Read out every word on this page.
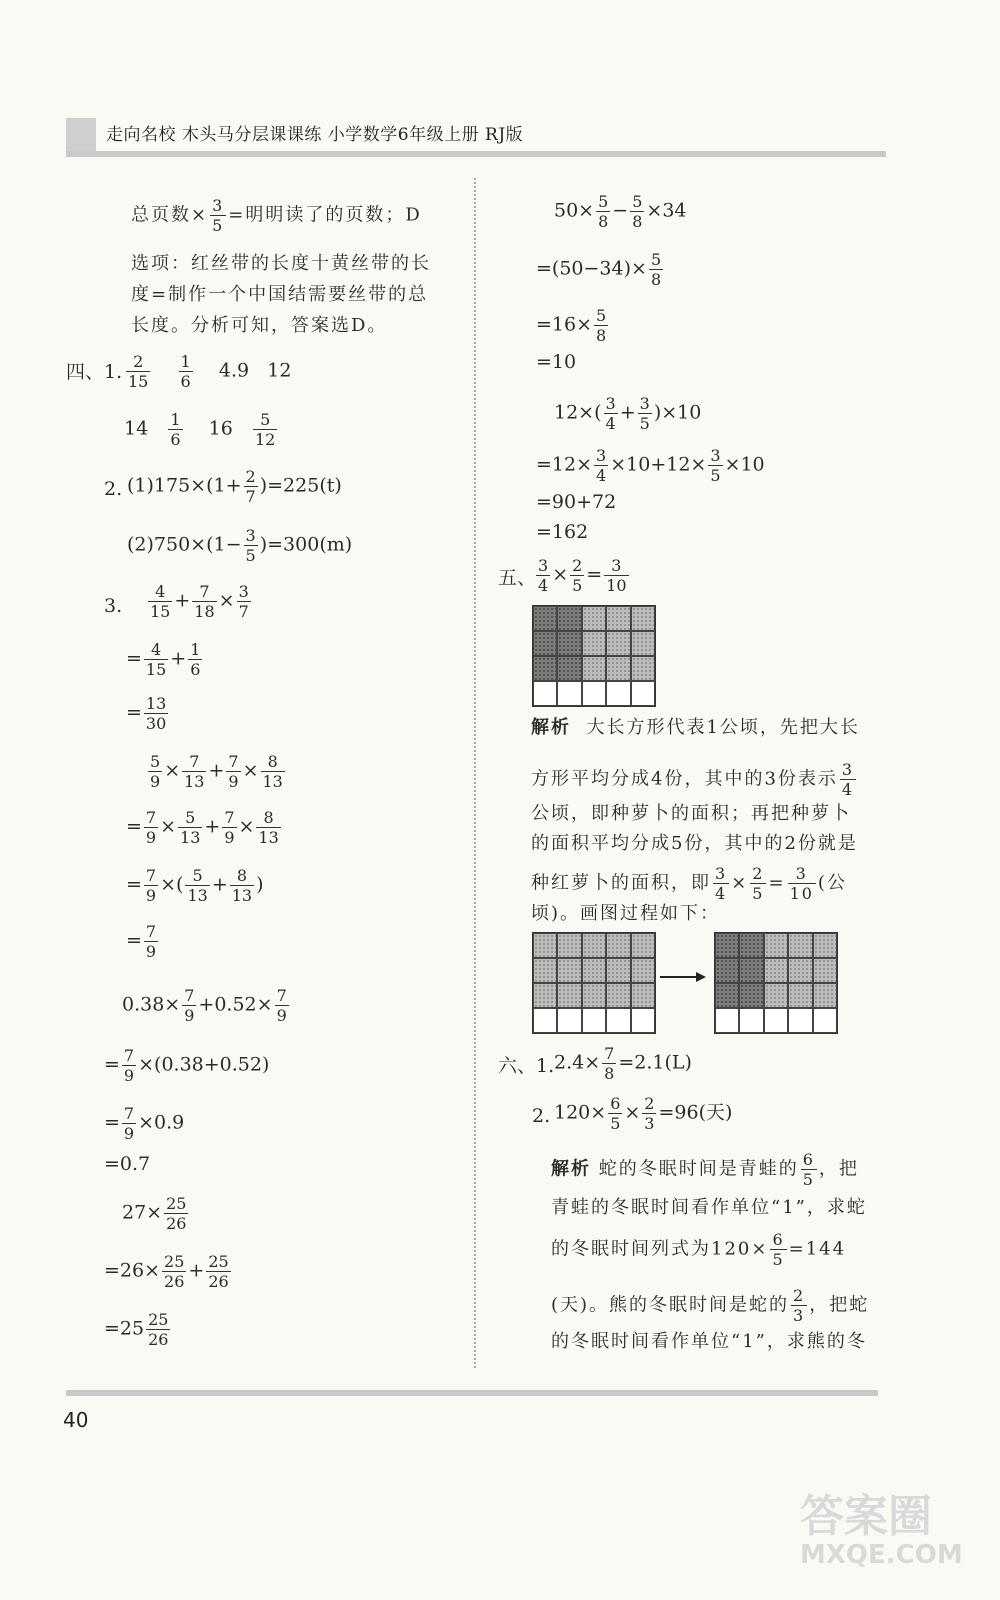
走向名校 木头马分层课课练 小学数学6年级上册 RJ版
总页数× $\frac{3}{5}$ =明明读了的页数；D
选项：红丝带的长度十黄丝带的长
度=制作一个中国结需要丝带的总
长度。分析可知，答案选D。
四、1. $\frac{2}{15}$
$\frac{1}{6} 4.9$ 12
$14 \frac{1}{6} 16 \frac{5}{12}$
2. $(1)175\times(1+ \frac{2}{7} )=225(t)$
$(2)750\times(1- \frac{3}{5} )=300(m)$
3. $\frac{4}{15} + \frac{7}{18} \times \frac{3}{7}$
= $\frac{4}{15} + \frac{1}{6}$
= $\frac{13}{30}$
$\frac{5}{9} \times \frac{7}{13} + \frac{7}{9} \times \frac{8}{13}$
= $\frac{7}{9} \times \frac{5}{13} + \frac{7}{9} \times \frac{8}{13}$
= $\frac{7}{9}$ ×( $\frac{5}{13} + \frac{8}{13}$ )
= $\frac{7}{9}$
$0.38\times \frac{7}{9} +0.52\times \frac{7}{9}$
= $\frac{7}{9} \times(0.38+0.52)$
= $\frac{7}{9} \times 0.9$
=0.7
$27\times \frac{25}{26}$
$=26\times \frac{25}{26} + \frac{25}{26}$
$=25 \frac{25}{26}$
$50\times \frac{5}{8} - \frac{5}{8} \times 34$
$=(50-34)\times \frac{5}{8}$
$=16\times \frac{5}{8}$
=10
$12\times( \frac{3}{4} + \frac{3}{5} )\times 10$
$=12\times \frac{3}{4} \times 10+12\times \frac{3}{5} \times 10$
=90+72
=162
五、 $\frac{3}{4} \times \frac{2}{5} = \frac{3}{10}$
解析 大长方形代表1公顷，先把大长
方形平均分成4份，其中的3份表示 $\frac{3}{4}$
公顷，即种萝卜的面积；再把种萝卜
的面积平均分成5份，其中的2份就是
种红萝卜的面积，即 $\frac{3}{4} \times \frac{2}{5} = \frac{3}{10}$ (公
顷)。画图过程如下：
六、1. $2.4\times \frac{7}{8} =2.1(L)$
2. $120\times \frac{6}{5} \times \frac{2}{3} =96$(天)
解析 蛇的冬眠时间是青蛙的 $\frac{6}{5}$ ，把
青蛙的冬眠时间看作单位“1”，求蛇
的冬眠时间列式为$120\times \frac{6}{5} =144$
(天)。熊的冬眠时间是蛇的 $\frac{2}{3}$ ，把蛇
的冬眠时间看作单位“1”，求熊的冬
40
答案圈
MXQE.COM
